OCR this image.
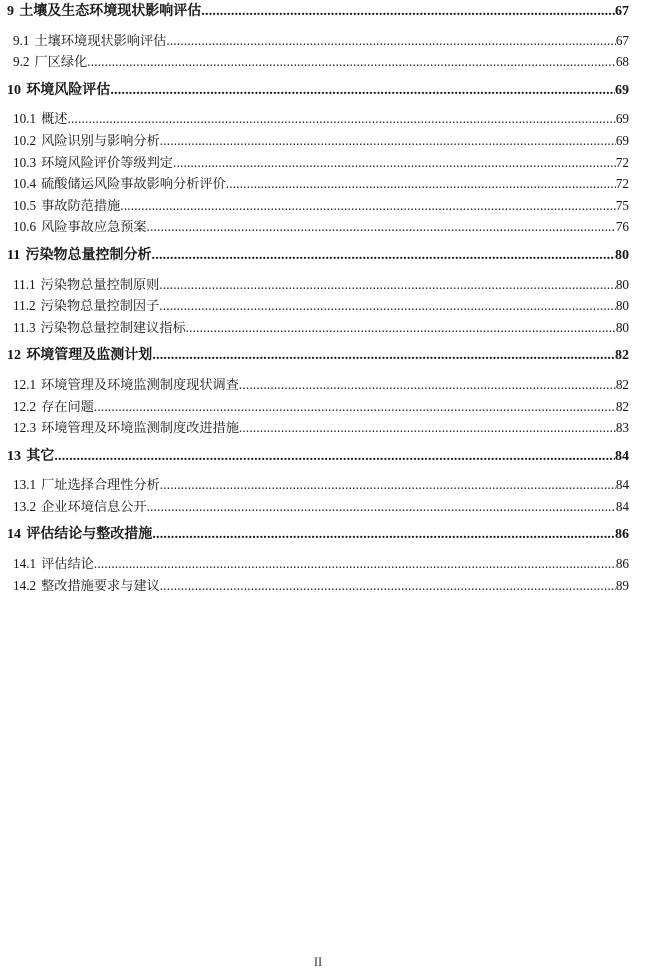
9 土壤及生态环境现状影响评估 .....	67
9.1 土壤环境现状影响评估 .....	67
9.2 厂区绿化 .....	68
10 环境风险评估 .....	69
10.1 概述 .....	69
10.2 风险识别与影响分析 .....	69
10.3 环境风险评价等级判定 .....	72
10.4 硫酸储运风险事故影响分析评价 .....	72
10.5 事故防范措施 .....	75
10.6 风险事故应急预案 .....	76
11 污染物总量控制分析 .....	80
11.1 污染物总量控制原则 .....	80
11.2 污染物总量控制因子 .....	80
11.3 污染物总量控制建议指标 .....	80
12 环境管理及监测计划 .....	82
12.1 环境管理及环境监测制度现状调查 .....	82
12.2 存在问题 .....	82
12.3 环境管理及环境监测制度改进措施 .....	83
13 其它 .....	84
13.1 厂址选择合理性分析 .....	84
13.2 企业环境信息公开 .....	84
14 评估结论与整改措施 .....	86
14.1 评估结论 .....	86
14.2 整改措施要求与建议 .....	89
II
